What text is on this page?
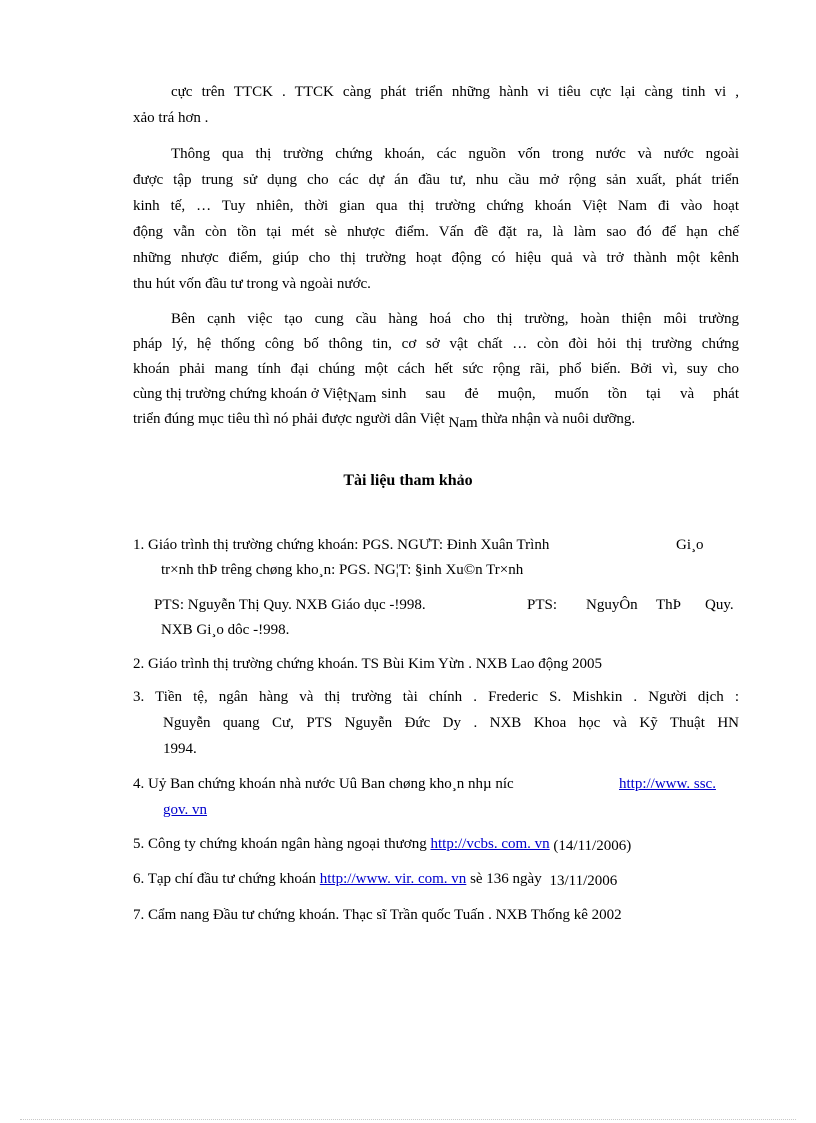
cực trên TTCK . TTCK càng phát triển những hành vi tiêu cực lại càng tinh vi ,
xảo trá hơn .
Thông qua thị trường chứng khoán, các nguồn vốn trong nước và nước ngoài
được tập trung sử dụng cho các dự án đầu tư, nhu cầu mở rộng sản xuất, phát triển
kinh tế, … Tuy nhiên, thời gian qua thị trường chứng khoán Việt Nam đi vào hoạt
động vẫn còn tồn tại mét sè nhược điểm. Vấn đề đặt ra, là làm sao đó để hạn chế
những nhược điểm, giúp cho thị trường hoạt động có hiệu quả và trở thành một kênh
thu hút vốn đầu tư trong và ngoài nước.
Bên cạnh việc tạo cung cầu hàng hoá cho thị trường, hoàn thiện môi trường
pháp lý, hệ thống công bố thông tin, cơ sở vật chất … còn đòi hỏi thị trường chứng
khoán phải mang tính đại chúng một cách hết sức rộng rãi, phổ biến. Bởi vì, suy cho
cùng thị trường chứng khoán ở Việt Nam sinh sau đẻ muộn, muốn tồn tại và phát
triển đúng mục tiêu thì nó phải được người dân Việt Nam thừa nhận và nuôi dưỡng.
Tài liệu tham khảo
1. Giáo trình thị trường chứng khoán: PGS. NGƯT: Đinh Xuân Trình	Gi¸o
tr×nh thÞ trêng chøng kho¸n: PGS. NG¦T: §inh Xu©n Tr×nh
PTS: Nguyễn Thị Quy. NXB Giáo dục -!998.	PTS: NguyÔn ThÞ Quy.
NXB Gi¸o dôc -!998.
2. Giáo trình thị trường chứng khoán. TS Bùi Kim Yừn . NXB Lao động 2005
3. Tiền tệ, ngân hàng và thị trường tài chính . Frederic S. Mishkin . Người dịch :
Nguyễn quang Cư, PTS Nguyễn Đức Dy . NXB Khoa học và Kỹ Thuật HN
1994.
4. Uỷ Ban chứng khoán nhà nước Uû Ban chøng kho¸n nhµ níc	http://www. ssc.
gov. vn
5. Công ty chứng khoán ngân hàng ngoại thương http://vcbs. com. vn (14/11/2006)
6. Tạp chí đầu tư chứng khoán http://www. vir. com. vn sè 136 ngày 13/11/2006
7. Cẩm nang Đầu tư chứng khoán. Thạc sĩ Trần quốc Tuấn . NXB Thống kê 2002
